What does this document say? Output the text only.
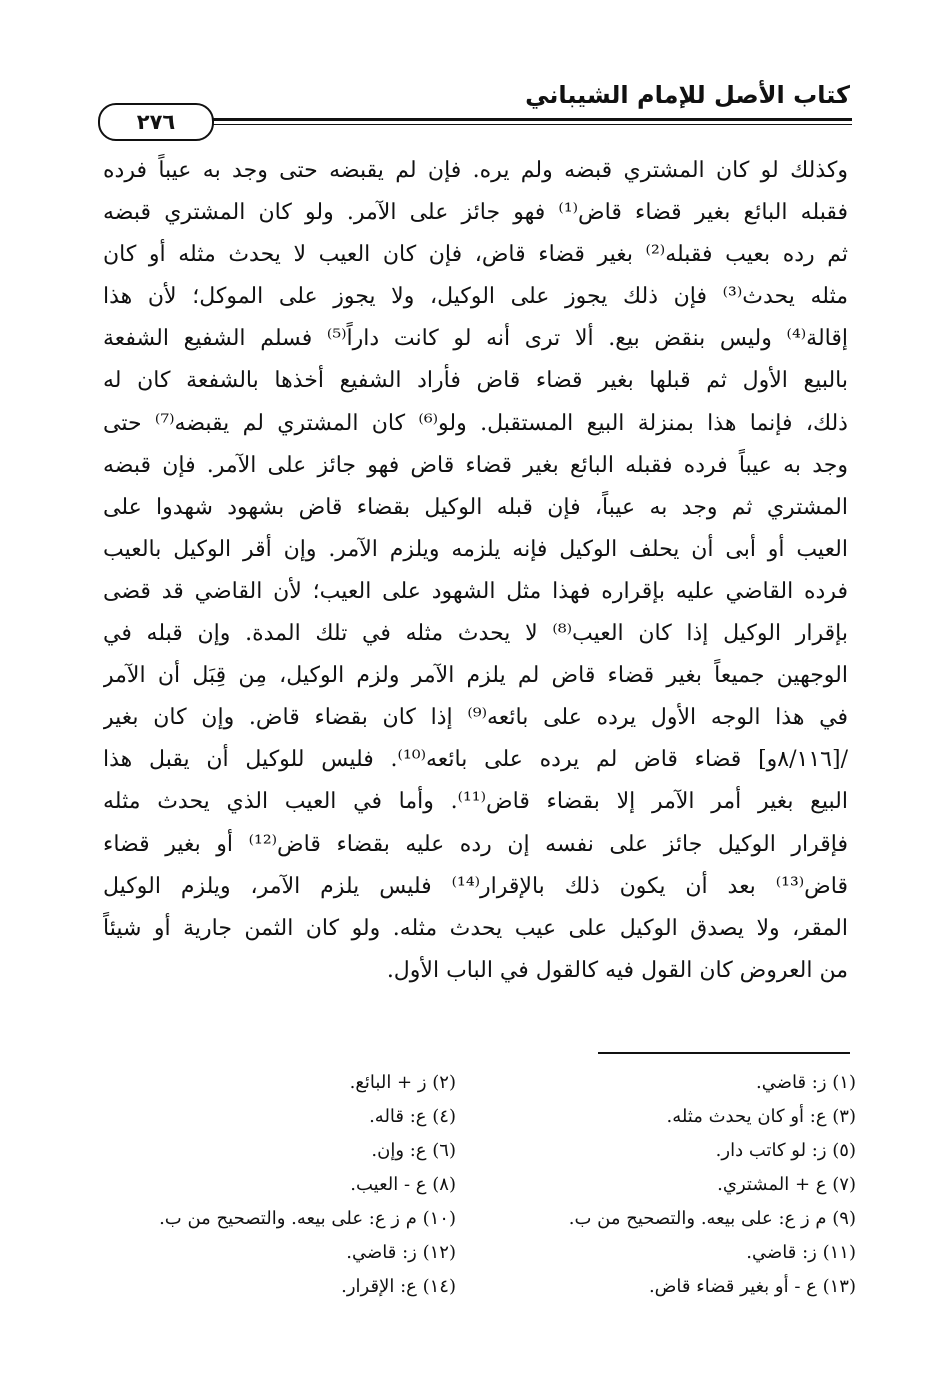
كتاب الأصل للإمام الشيباني
٢٧٦
وكذلك لو كان المشتري قبضه ولم يره. فإن لم يقبضه حتى وجد به عيباً فرده
فقبله البائع بغير قضاء قاض⁽¹⁾ فهو جائز على الآمر. ولو كان المشتري قبضه
ثم رده بعيب فقبله⁽²⁾ بغير قضاء قاض، فإن كان العيب لا يحدث مثله أو كان
مثله يحدث⁽³⁾ فإن ذلك يجوز على الوكيل، ولا يجوز على الموكل؛ لأن هذا
إقالة⁽⁴⁾ وليس بنقض بيع. ألا ترى أنه لو كانت داراً⁽⁵⁾ فسلم الشفيع الشفعة
بالبيع الأول ثم قبلها بغير قضاء قاض فأراد الشفيع أخذها بالشفعة كان له
ذلك، فإنما هذا بمنزلة البيع المستقبل. ولو⁽⁶⁾ كان المشتري لم يقبضه⁽⁷⁾ حتى
وجد به عيباً فرده فقبله البائع بغير قضاء قاض فهو جائز على الآمر. فإن قبضه
المشتري ثم وجد به عيباً، فإن قبله الوكيل بقضاء قاض بشهود شهدوا على
العيب أو أبى أن يحلف الوكيل فإنه يلزمه ويلزم الآمر. وإن أقر الوكيل بالعيب
فرده القاضي عليه بإقراره فهذا مثل الشهود على العيب؛ لأن القاضي قد قضى
بإقرار الوكيل إذا كان العيب⁽⁸⁾ لا يحدث مثله في تلك المدة. وإن قبله في
الوجهين جميعاً بغير قضاء قاض لم يلزم الآمر ولزم الوكيل، مِن قِبَل أن الآمر
في هذا الوجه الأول يرده على بائعه⁽⁹⁾ إذا كان بقضاء قاض. وإن كان بغير
/[٨/١١٦و] قضاء قاض لم يرده على بائعه⁽¹⁰⁾. فليس للوكيل أن يقبل هذا
البيع بغير أمر الآمر إلا بقضاء قاض⁽¹¹⁾. وأما في العيب الذي يحدث مثله
فإقرار الوكيل جائز على نفسه إن رده عليه بقضاء قاض⁽¹²⁾ أو بغير قضاء
قاض⁽¹³⁾ بعد أن يكون ذلك بالإقرار⁽¹⁴⁾ فليس يلزم الآمر، ويلزم الوكيل
المقر، ولا يصدق الوكيل على عيب يحدث مثله. ولو كان الثمن جارية أو شيئاً
من العروض كان القول فيه كالقول في الباب الأول.
(١) ز: قاضي.
(٢) ز + البائع.
(٣) ع: أو كان يحدث مثله.
(٤) ع: قاله.
(٥) ز: لو كاتب دار.
(٦) ع: وإن.
(٧) ع + المشتري.
(٨) ع - العيب.
(٩) م ز ع: على بيعه. والتصحيح من ب.
(١٠) م ز ع: على بيعه. والتصحيح من ب.
(١١) ز: قاضي.
(١٢) ز: قاضي.
(١٣) ع - أو بغير قضاء قاض.
(١٤) ع: الإقرار.
